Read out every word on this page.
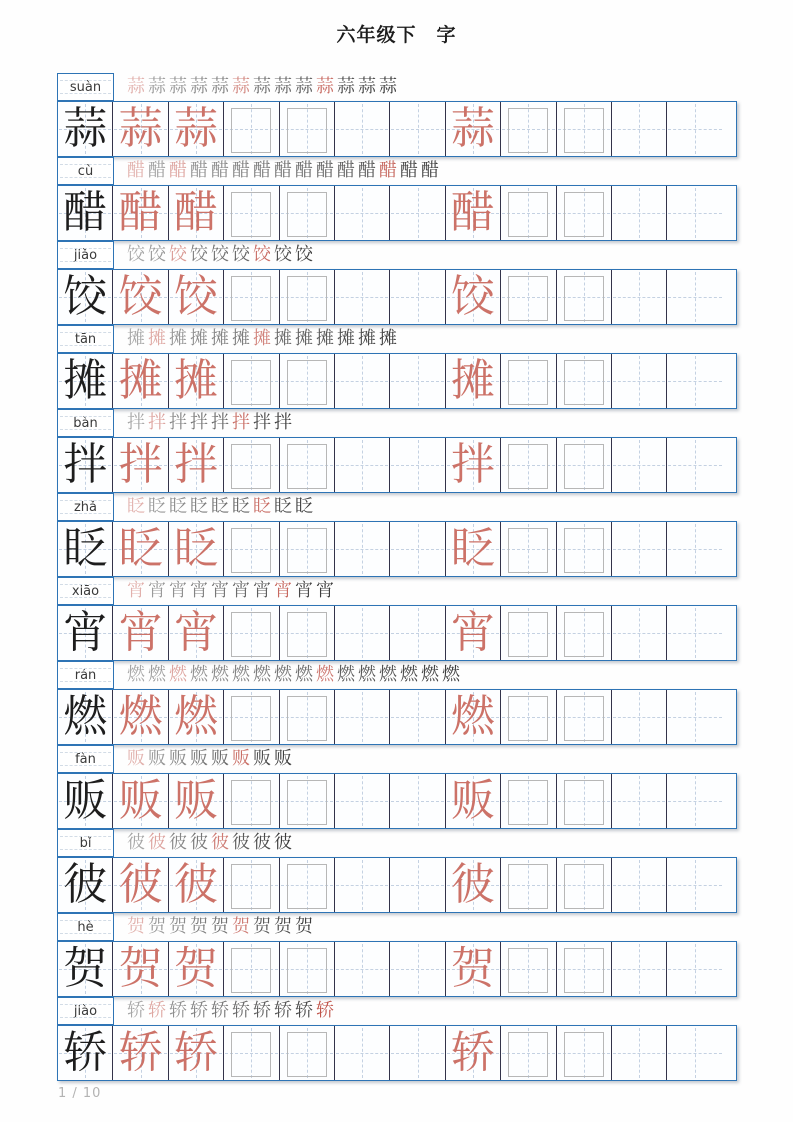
六年级下　字
suàn	蒜 蒜 蒜 蒜 蒜 蒜 蒜 蒜 蒜 蒜 蒜 蒜 蒜
蒜 蒜 蒜	蒜
cù	醋 醋 醋 醋 醋 醋 醋 醋 醋 醋 醋 醋 醋 醋 醋
醋 醋 醋	醋
jiǎo	饺 饺 饺 饺 饺 饺 饺 饺 饺
饺 饺 饺	饺
tān	摊 摊 摊 摊 摊 摊 摊 摊 摊 摊 摊 摊 摊
摊 摊 摊	摊
bàn	拌 拌 拌 拌 拌 拌 拌 拌
拌 拌 拌	拌
zhǎ	眨 眨 眨 眨 眨 眨 眨 眨 眨
眨 眨 眨	眨
xiāo	宵 宵 宵 宵 宵 宵 宵 宵 宵 宵
宵 宵 宵	宵
rán	燃 燃 燃 燃 燃 燃 燃 燃 燃 燃 燃 燃 燃 燃 燃 燃
燃 燃 燃	燃
fàn	贩 贩 贩 贩 贩 贩 贩 贩
贩 贩 贩	贩
bǐ	彼 彼 彼 彼 彼 彼 彼 彼
彼 彼 彼	彼
hè	贺 贺 贺 贺 贺 贺 贺 贺 贺
贺 贺 贺	贺
jiào	轿 轿 轿 轿 轿 轿 轿 轿 轿 轿
轿 轿 轿	轿
1 / 10
